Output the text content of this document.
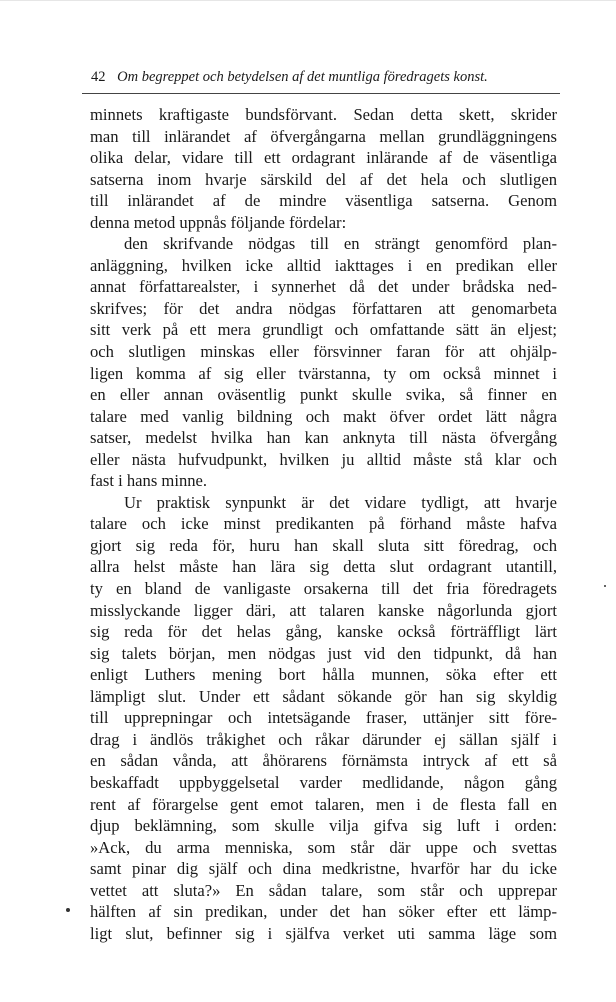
42 Om begreppet och betydelsen af det muntliga föredragets konst.
minnets kraftigaste bundsförvant. Sedan detta skett, skrider
man till inlärandet af öfvergångarna mellan grundläggningens
olika delar, vidare till ett ordagrant inlärande af de väsentliga
satserna inom hvarje särskild del af det hela och slutligen
till inlärandet af de mindre väsentliga satserna. Genom
denna metod uppnås följande fördelar:
den skrifvande nödgas till en strängt genomförd plan-
anläggning, hvilken icke alltid iakttages i en predikan eller
annat författarealster, i synnerhet då det under brådska ned-
skrifves; för det andra nödgas författaren att genomarbeta
sitt verk på ett mera grundligt och omfattande sätt än eljest;
och slutligen minskas eller försvinner faran för att ohjälp-
ligen komma af sig eller tvärstanna, ty om också minnet i
en eller annan oväsentlig punkt skulle svika, så finner en
talare med vanlig bildning och makt öfver ordet lätt några
satser, medelst hvilka han kan anknyta till nästa öfvergång
eller nästa hufvudpunkt, hvilken ju alltid måste stå klar och
fast i hans minne.
Ur praktisk synpunkt är det vidare tydligt, att hvarje
talare och icke minst predikanten på förhand måste hafva
gjort sig reda för, huru han skall sluta sitt föredrag, och
allra helst måste han lära sig detta slut ordagrant utantill,
ty en bland de vanligaste orsakerna till det fria föredragets
misslyckande ligger däri, att talaren kanske någorlunda gjort
sig reda för det helas gång, kanske också förträffligt lärt
sig talets början, men nödgas just vid den tidpunkt, då han
enligt Luthers mening bort hålla munnen, söka efter ett
lämpligt slut. Under ett sådant sökande gör han sig skyldig
till upprepningar och intetsägande fraser, uttänjer sitt före-
drag i ändlös tråkighet och råkar därunder ej sällan själf i
en sådan vånda, att åhörarens förnämsta intryck af ett så
beskaffadt uppbyggelsetal varder medlidande, någon gång
rent af förargelse gent emot talaren, men i de flesta fall en
djup beklämning, som skulle vilja gifva sig luft i orden:
»Ack, du arma menniska, som står där uppe och svettas
samt pinar dig själf och dina medkristne, hvarför har du icke
vettet att sluta?» En sådan talare, som står och upprepar
hälften af sin predikan, under det han söker efter ett lämp-
ligt slut, befinner sig i själfva verket uti samma läge som
